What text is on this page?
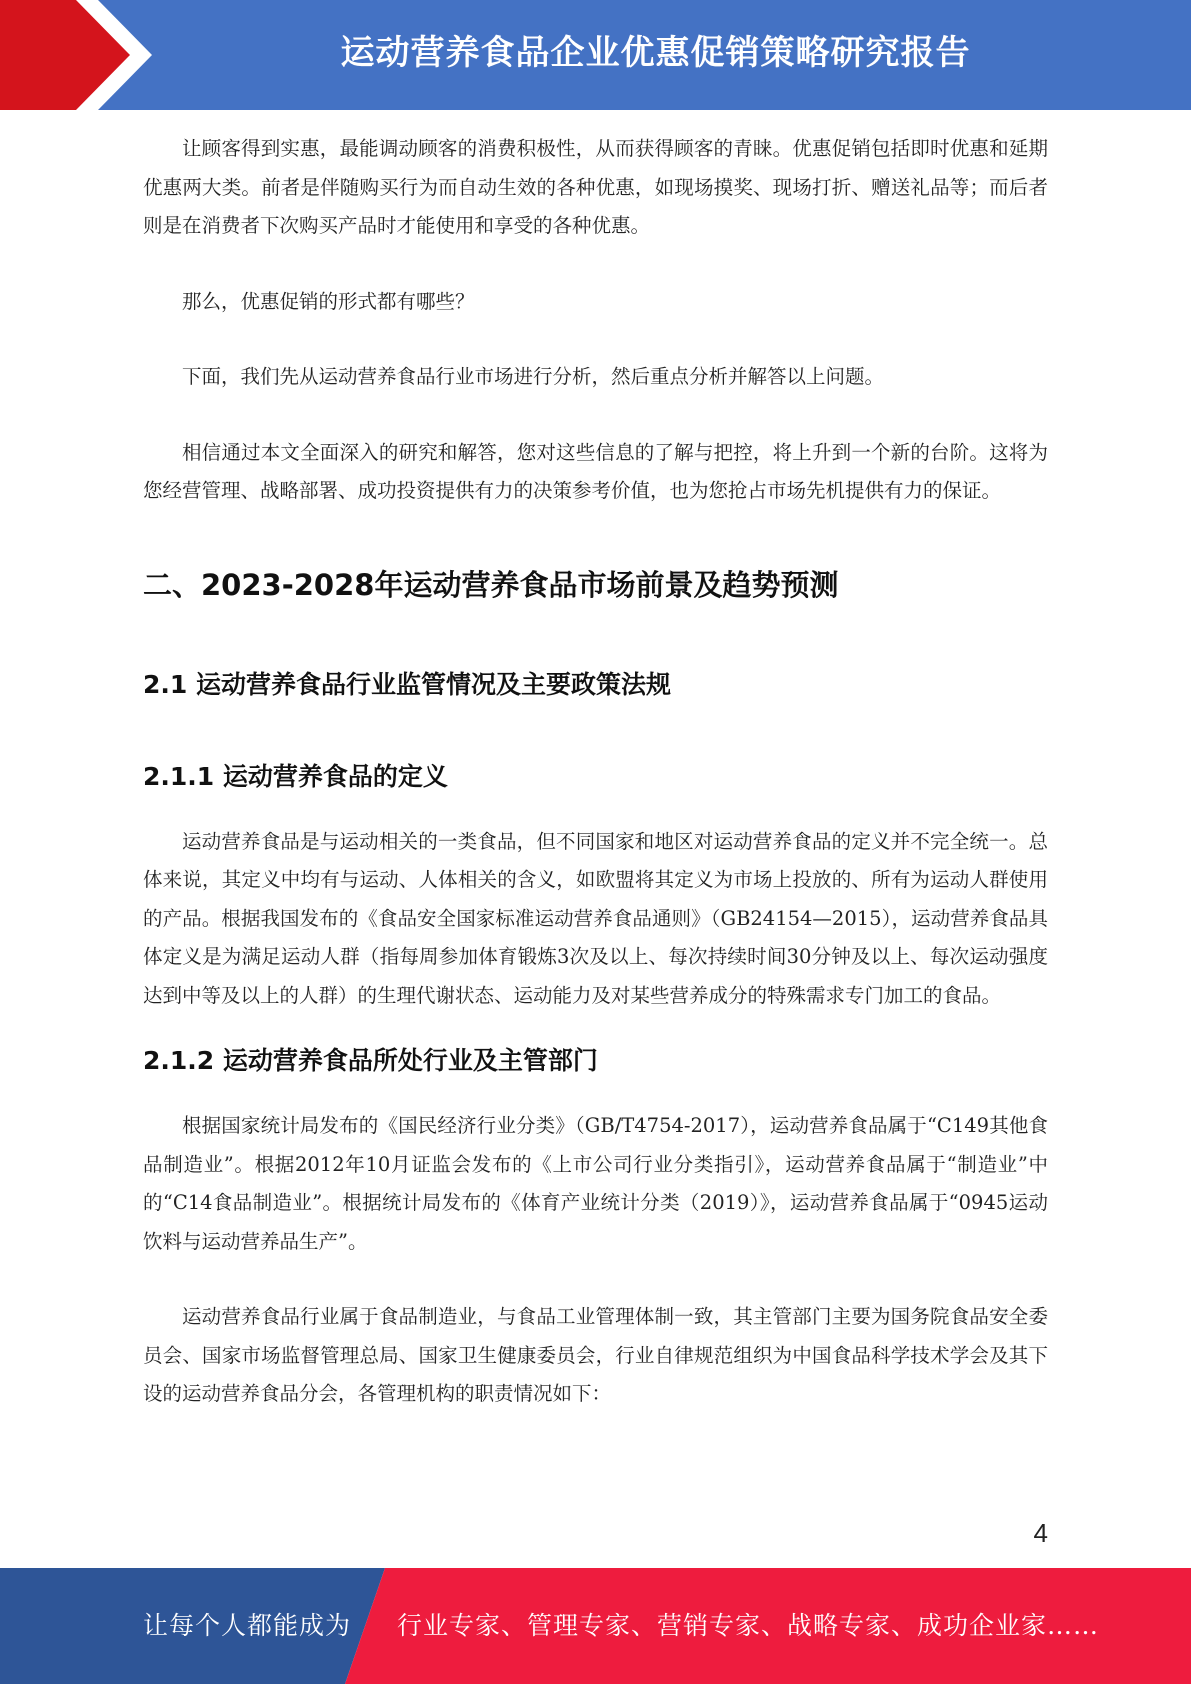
运动营养食品企业优惠促销策略研究报告

让顾客得到实惠，最能调动顾客的消费积极性，从而获得顾客的青睐。优惠促销包括即时优惠和延期优惠两大类。前者是伴随购买行为而自动生效的各种优惠，如现场摸奖、现场打折、赠送礼品等；而后者则是在消费者下次购买产品时才能使用和享受的各种优惠。

那么，优惠促销的形式都有哪些？

下面，我们先从运动营养食品行业市场进行分析，然后重点分析并解答以上问题。

相信通过本文全面深入的研究和解答，您对这些信息的了解与把控，将上升到一个新的台阶。这将为您经营管理、战略部署、成功投资提供有力的决策参考价值，也为您抢占市场先机提供有力的保证。

二、2023-2028年运动营养食品市场前景及趋势预测
2.1 运动营养食品行业监管情况及主要政策法规
2.1.1 运动营养食品的定义

运动营养食品是与运动相关的一类食品，但不同国家和地区对运动营养食品的定义并不完全统一。总体来说，其定义中均有与运动、人体相关的含义，如欧盟将其定义为市场上投放的、所有为运动人群使用的产品。根据我国发布的《食品安全国家标准运动营养食品通则》（GB24154—2015），运动营养食品具体定义是为满足运动人群（指每周参加体育锻炼3次及以上、每次持续时间30分钟及以上、每次运动强度达到中等及以上的人群）的生理代谢状态、运动能力及对某些营养成分的特殊需求专门加工的食品。

2.1.2 运动营养食品所处行业及主管部门

根据国家统计局发布的《国民经济行业分类》（GB/T4754-2017），运动营养食品属于“C149其他食品制造业”。根据2012年10月证监会发布的《上市公司行业分类指引》，运动营养食品属于“制造业”中的“C14食品制造业”。根据统计局发布的《体育产业统计分类（2019）》，运动营养食品属于“0945运动饮料与运动营养品生产”。

运动营养食品行业属于食品制造业，与食品工业管理体制一致，其主管部门主要为国务院食品安全委员会、国家市场监督管理总局、国家卫生健康委员会，行业自律规范组织为中国食品科学技术学会及其下设的运动营养食品分会，各管理机构的职责情况如下：

4
让每个人都能成为 行业专家、管理专家、营销专家、战略专家、成功企业家……
